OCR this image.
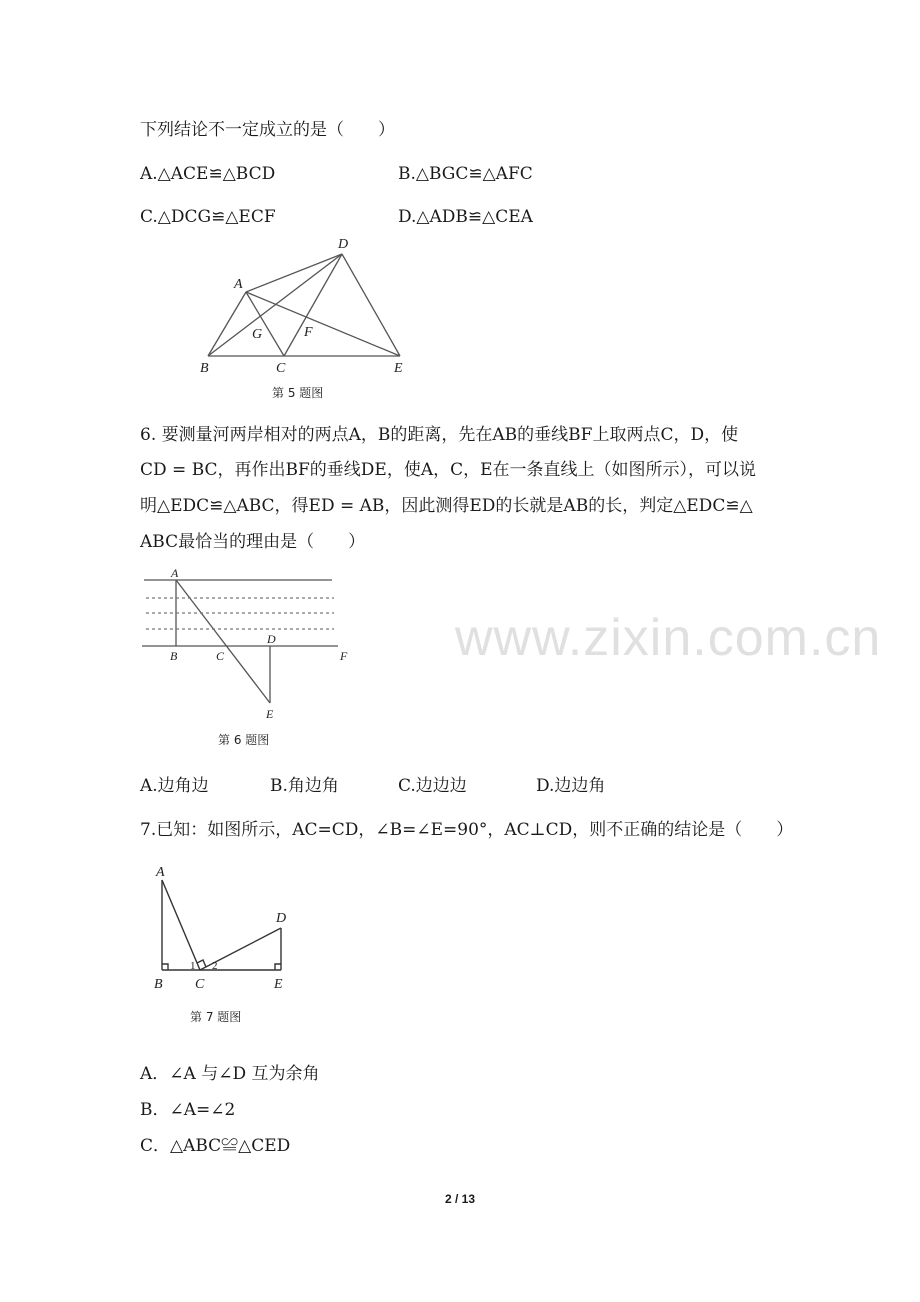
下列结论不一定成立的是（　　）
A.△ACE≌△BCD	B.△BGC≌△AFC
C.△DCG≌△ECF	D.△ADB≌△CEA
D
A
G	F
B	C	E
第 5 题图
6. 要测量河两岸相对的两点A，B的距离，先在AB的垂线BF上取两点C，D，使
CD = BC，再作出BF的垂线DE，使A，C，E在一条直线上（如图所示），可以说
明△EDC≌△ABC，得ED = AB，因此测得ED的长就是AB的长，判定△EDC≌△
ABC最恰当的理由是（　　）
A
B	C
D
F
E
第 6 题图
A.边角边	B.角边角	C.边边边	D.边边角
7.已知：如图所示，AC=CD，∠B=∠E=90°，AC⊥CD，则不正确的结论是（　　）
A
D
B C	E
1 2
第 7 题图
A．∠A 与∠D 互为余角
B．∠A=∠2
C．△ABC≌△CED
www.zixin.com.cn
2 / 13
